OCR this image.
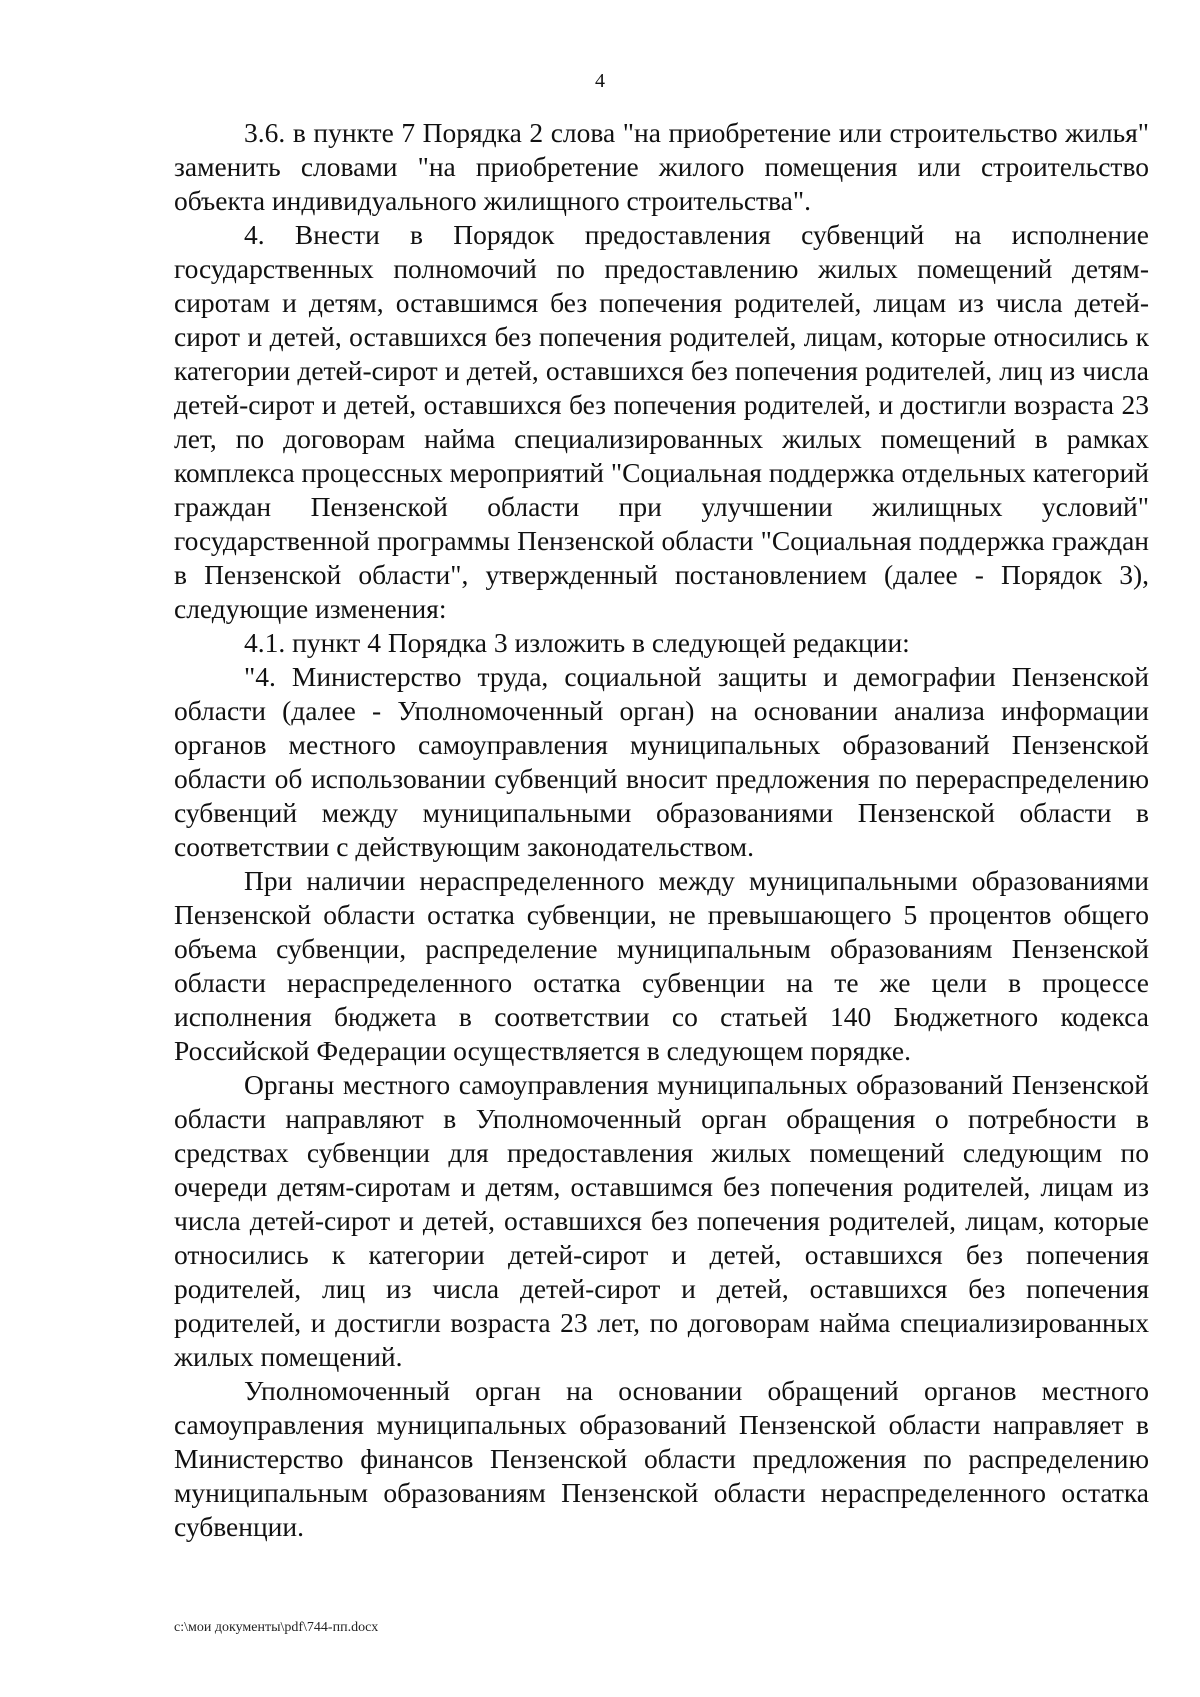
4

3.6. в пункте 7 Порядка 2 слова "на приобретение или строительство жилья" заменить словами "на приобретение жилого помещения или строительство объекта индивидуального жилищного строительства".

4. Внести в Порядок предоставления субвенций на исполнение государственных полномочий по предоставлению жилых помещений детям-сиротам и детям, оставшимся без попечения родителей, лицам из числа детей-сирот и детей, оставшихся без попечения родителей, лицам, которые относились к категории детей-сирот и детей, оставшихся без попечения родителей, лиц из числа детей-сирот и детей, оставшихся без попечения родителей, и достигли возраста 23 лет, по договорам найма специализированных жилых помещений в рамках комплекса процессных мероприятий "Социальная поддержка отдельных категорий граждан Пензенской области при улучшении жилищных условий" государственной программы Пензенской области "Социальная поддержка граждан в Пензенской области", утвержденный постановлением (далее - Порядок 3), следующие изменения:

4.1. пункт 4 Порядка 3 изложить в следующей редакции:

"4. Министерство труда, социальной защиты и демографии Пензенской области (далее - Уполномоченный орган) на основании анализа информации органов местного самоуправления муниципальных образований Пензенской области об использовании субвенций вносит предложения по перераспределению субвенций между муниципальными образованиями Пензенской области в соответствии с действующим законодательством.

При наличии нераспределенного между муниципальными образованиями Пензенской области остатка субвенции, не превышающего 5 процентов общего объема субвенции, распределение муниципальным образованиям Пензенской области нераспределенного остатка субвенции на те же цели в процессе исполнения бюджета в соответствии со статьей 140 Бюджетного кодекса Российской Федерации осуществляется в следующем порядке.

Органы местного самоуправления муниципальных образований Пензенской области направляют в Уполномоченный орган обращения о потребности в средствах субвенции для предоставления жилых помещений следующим по очереди детям-сиротам и детям, оставшимся без попечения родителей, лицам из числа детей-сирот и детей, оставшихся без попечения родителей, лицам, которые относились к категории детей-сирот и детей, оставшихся без попечения родителей, лиц из числа детей-сирот и детей, оставшихся без попечения родителей, и достигли возраста 23 лет, по договорам найма специализированных жилых помещений.

Уполномоченный орган на основании обращений органов местного самоуправления муниципальных образований Пензенской области направляет в Министерство финансов Пензенской области предложения по распределению муниципальным образованиям Пензенской области нераспределенного остатка субвенции.

c:\мои документы\pdf\744-пп.docx
